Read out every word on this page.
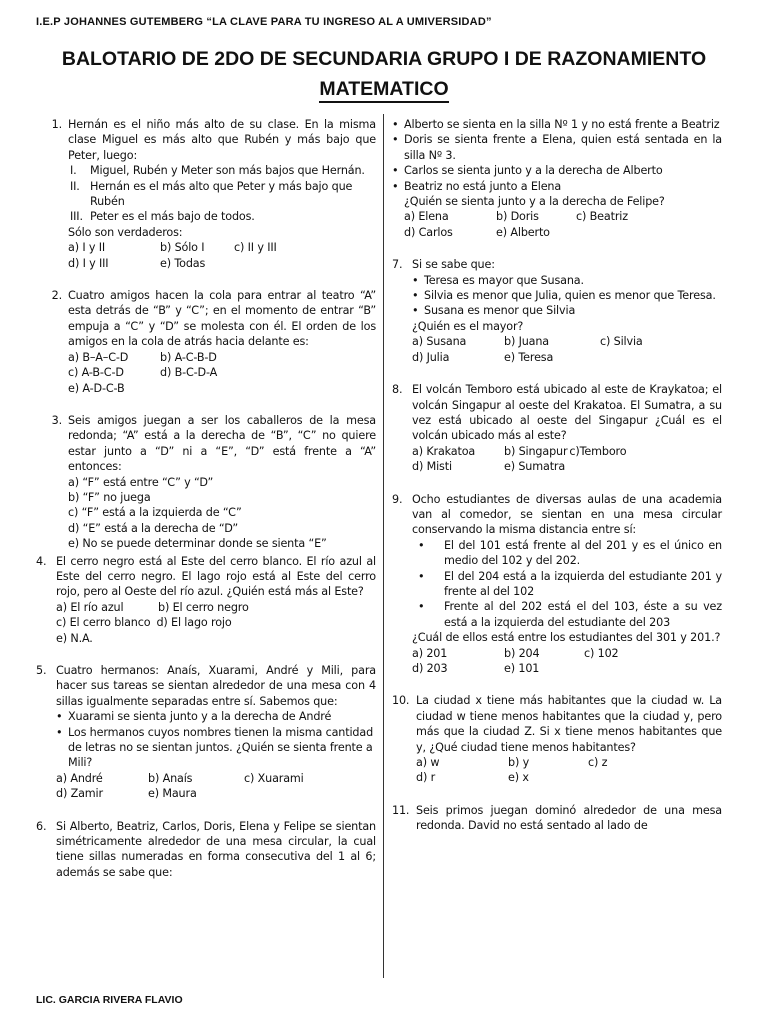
I.E.P JOHANNES GUTEMBERG “LA CLAVE PARA TU INGRESO AL A UMIVERSIDAD”
BALOTARIO DE 2DO DE SECUNDARIA GRUPO I DE RAZONAMIENTO
MATEMATICO
1. Hernán es el niño más alto de su clase. En la misma clase Miguel es más alto que Rubén y más bajo que Peter, luego:
I.	Miguel, Rubén y Meter son más bajos que Hernán.
II. Hernán es el más alto que Peter y más bajo que Rubén
III. Peter es el más bajo de todos.
Sólo son verdaderos:
a) I y II	b) Sólo I	c) II y III
d) I y III	e) Todas
2. Cuatro amigos hacen la cola para entrar al teatro “A” esta detrás de “B” y “C”; en el momento de entrar “B” empuja a “C” y “D” se molesta con él. El orden de los amigos en la cola de atrás hacia delante es:
a) B–A–C-D	b) A-C-B-D
c) A-B-C-D	d) B-C-D-A
e) A-D-C-B
3. Seis amigos juegan a ser los caballeros de la mesa redonda; “A” está a la derecha de “B”, “C” no quiere estar junto a “D” ni a “E”, “D” está frente a “A” entonces:
a) “F” está entre “C” y “D”
b) “F” no juega
c) “F” está a la izquierda de “C”
d) “E” está a la derecha de “D”
e) No se puede determinar donde se sienta “E”
4. El cerro negro está al Este del cerro blanco. El río azul al Este del cerro negro. El lago rojo está al Este del cerro rojo, pero al Oeste del río azul. ¿Quién está más al Este?
a) El río azul	b) El cerro negro
c) El cerro blanco d) El lago rojo
e) N.A.
5. Cuatro hermanos: Anaís, Xuarami, André y Mili, para hacer sus tareas se sientan alrededor de una mesa con 4 sillas igualmente separadas entre sí. Sabemos que:
• Xuarami se sienta junto y a la derecha de André
• Los hermanos cuyos nombres tienen la misma cantidad de letras no se sientan juntos. ¿Quién se sienta frente a Mili?
a) André	b) Anaís	c) Xuarami
d) Zamir	e) Maura
6. Si Alberto, Beatriz, Carlos, Doris, Elena y Felipe se sientan simétricamente alrededor de una mesa circular, la cual tiene sillas numeradas en forma consecutiva del 1 al 6; además se sabe que:
• Alberto se sienta en la silla Nº 1 y no está frente a Beatriz
• Doris se sienta frente a Elena, quien está sentada en la silla Nº 3.
• Carlos se sienta junto y a la derecha de Alberto
• Beatriz no está junto a Elena
¿Quién se sienta junto y a la derecha de Felipe?
a) Elena	b) Doris	c) Beatriz
d) Carlos	e) Alberto
7. Si se sabe que:
• Teresa es mayor que Susana.
• Silvia es menor que Julia, quien es menor que Teresa.
• Susana es menor que Silvia
¿Quién es el mayor?
a) Susana	b) Juana	c) Silvia
d) Julia	e) Teresa
8. El volcán Temboro está ubicado al este de Kraykatoa; el volcán Singapur al oeste del Krakatoa. El Sumatra, a su vez está ubicado al oeste del Singapur ¿Cuál es el volcán ubicado más al este?
a) Krakatoa	b) Singapur c)Temboro
d) Misti	e) Sumatra
9. Ocho estudiantes de diversas aulas de una academia van al comedor, se sientan en una mesa circular conservando la misma distancia entre sí:
•	El del 101 está frente al del 201 y es el único en medio del 102 y del 202.
•	El del 204 está a la izquierda del estudiante 201 y frente al del 102
•	Frente al del 202 está el del 103, éste a su vez está a la izquierda del estudiante del 203
¿Cuál de ellos está entre los estudiantes del 301 y 201.?
a) 201	b) 204	c) 102
d) 203	e) 101
10. La ciudad x tiene más habitantes que la ciudad w. La ciudad w tiene menos habitantes que la ciudad y, pero más que la ciudad Z. Si x tiene menos habitantes que y, ¿Qué ciudad tiene menos habitantes?
a) w	b) y	c) z
d) r	e) x
11. Seis primos juegan dominó alrededor de una mesa redonda. David no está sentado al lado de
LIC. GARCIA RIVERA FLAVIO
